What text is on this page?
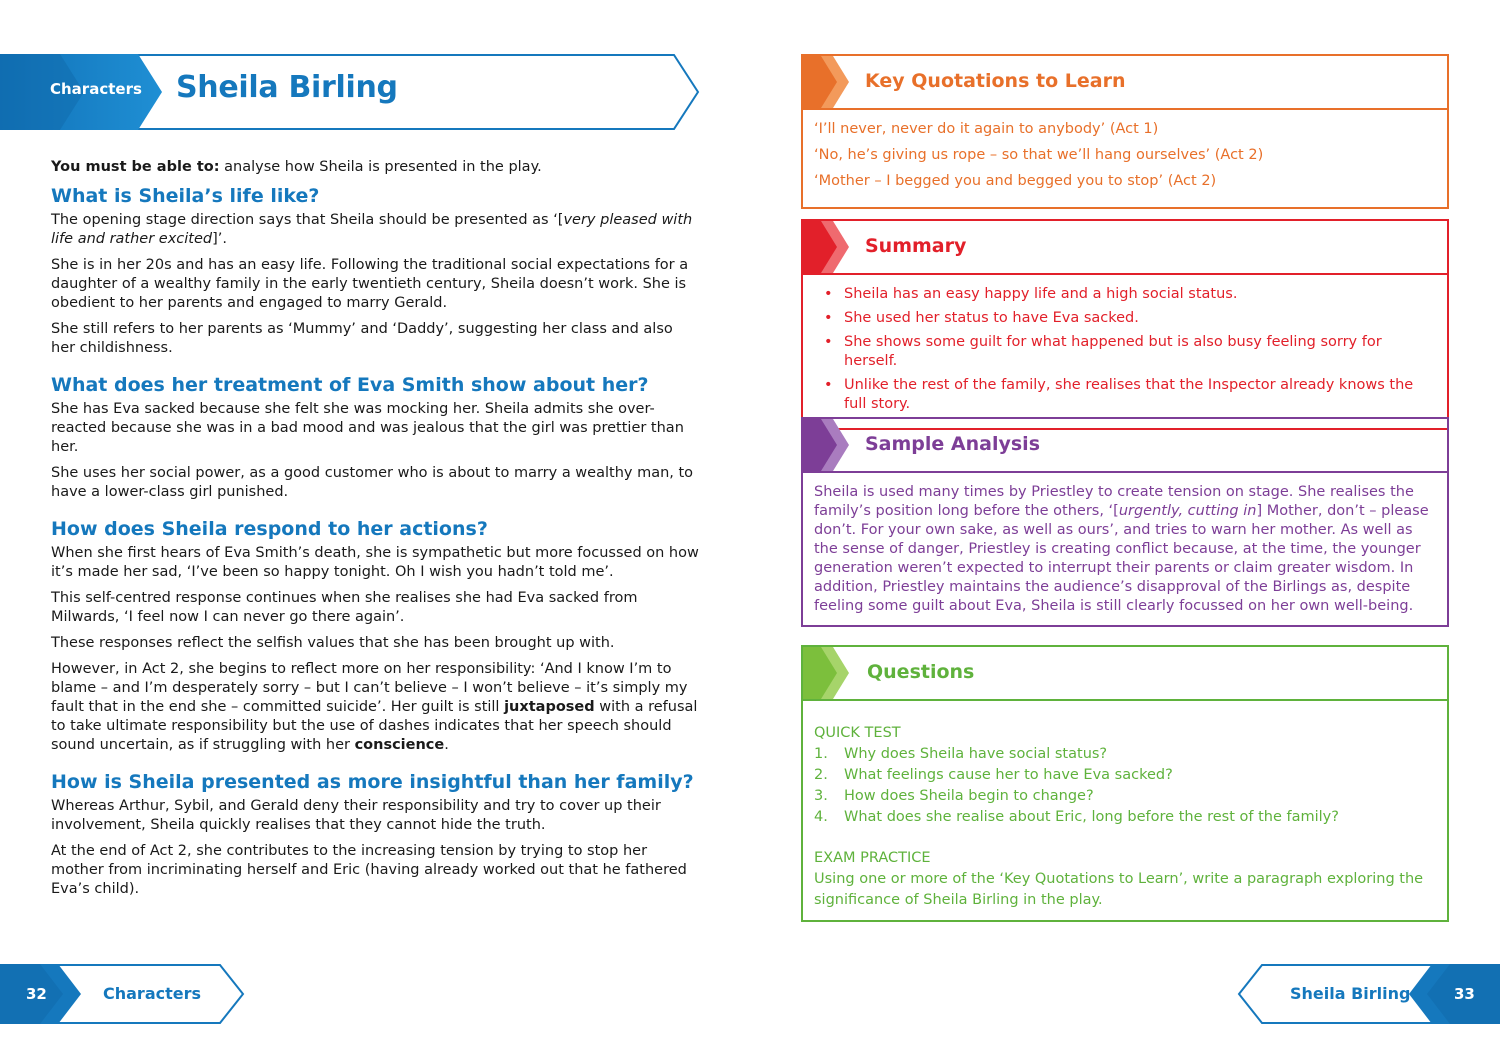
Characters Sheila Birling

You must be able to: analyse how Sheila is presented in the play.

What is Sheila’s life like?

The opening stage direction says that Sheila should be presented as ‘[very pleased with life and rather excited]’.

She is in her 20s and has an easy life. Following the traditional social expectations for a daughter of a wealthy family in the early twentieth century, Sheila doesn’t work. She is obedient to her parents and engaged to marry Gerald.

She still refers to her parents as ‘Mummy’ and ‘Daddy’, suggesting her class and also her childishness.

What does her treatment of Eva Smith show about her?

She has Eva sacked because she felt she was mocking her. Sheila admits she over-reacted because she was in a bad mood and was jealous that the girl was prettier than her.

She uses her social power, as a good customer who is about to marry a wealthy man, to have a lower-class girl punished.

How does Sheila respond to her actions?

When she first hears of Eva Smith’s death, she is sympathetic but more focussed on how it’s made her sad, ‘I’ve been so happy tonight. Oh I wish you hadn’t told me’.

This self-centred response continues when she realises she had Eva sacked from Milwards, ‘I feel now I can never go there again’.

These responses reflect the selfish values that she has been brought up with.

However, in Act 2, she begins to reflect more on her responsibility: ‘And I know I’m to blame – and I’m desperately sorry – but I can’t believe – I won’t believe – it’s simply my fault that in the end she – committed suicide’. Her guilt is still juxtaposed with a refusal to take ultimate responsibility but the use of dashes indicates that her speech should sound uncertain, as if struggling with her conscience.

How is Sheila presented as more insightful than her family?

Whereas Arthur, Sybil, and Gerald deny their responsibility and try to cover up their involvement, Sheila quickly realises that they cannot hide the truth.

At the end of Act 2, she contributes to the increasing tension by trying to stop her mother from incriminating herself and Eric (having already worked out that he fathered Eva’s child).

Key Quotations to Learn
‘I’ll never, never do it again to anybody’ (Act 1)
‘No, he’s giving us rope – so that we’ll hang ourselves’ (Act 2)
‘Mother – I begged you and begged you to stop’ (Act 2)
Summary
• Sheila has an easy happy life and a high social status.
• She used her status to have Eva sacked.
• She shows some guilt for what happened but is also busy feeling sorry for herself.
• Unlike the rest of the family, she realises that the Inspector already knows the full story.
Sample Analysis
Sheila is used many times by Priestley to create tension on stage. She realises the family’s position long before the others, ‘[urgently, cutting in] Mother, don’t – please don’t. For your own sake, as well as ours’, and tries to warn her mother. As well as the sense of danger, Priestley is creating conflict because, at the time, the younger generation weren’t expected to interrupt their parents or claim greater wisdom. In addition, Priestley maintains the audience’s disapproval of the Birlings as, despite feeling some guilt about Eva, Sheila is still clearly focussed on her own well-being.
Questions
QUICK TEST
1. Why does Sheila have social status?
2. What feelings cause her to have Eva sacked?
3. How does Sheila begin to change?
4. What does she realise about Eric, long before the rest of the family?
EXAM PRACTICE
Using one or more of the ‘Key Quotations to Learn’, write a paragraph exploring the significance of Sheila Birling in the play.
32	Characters	Sheila Birling	33
